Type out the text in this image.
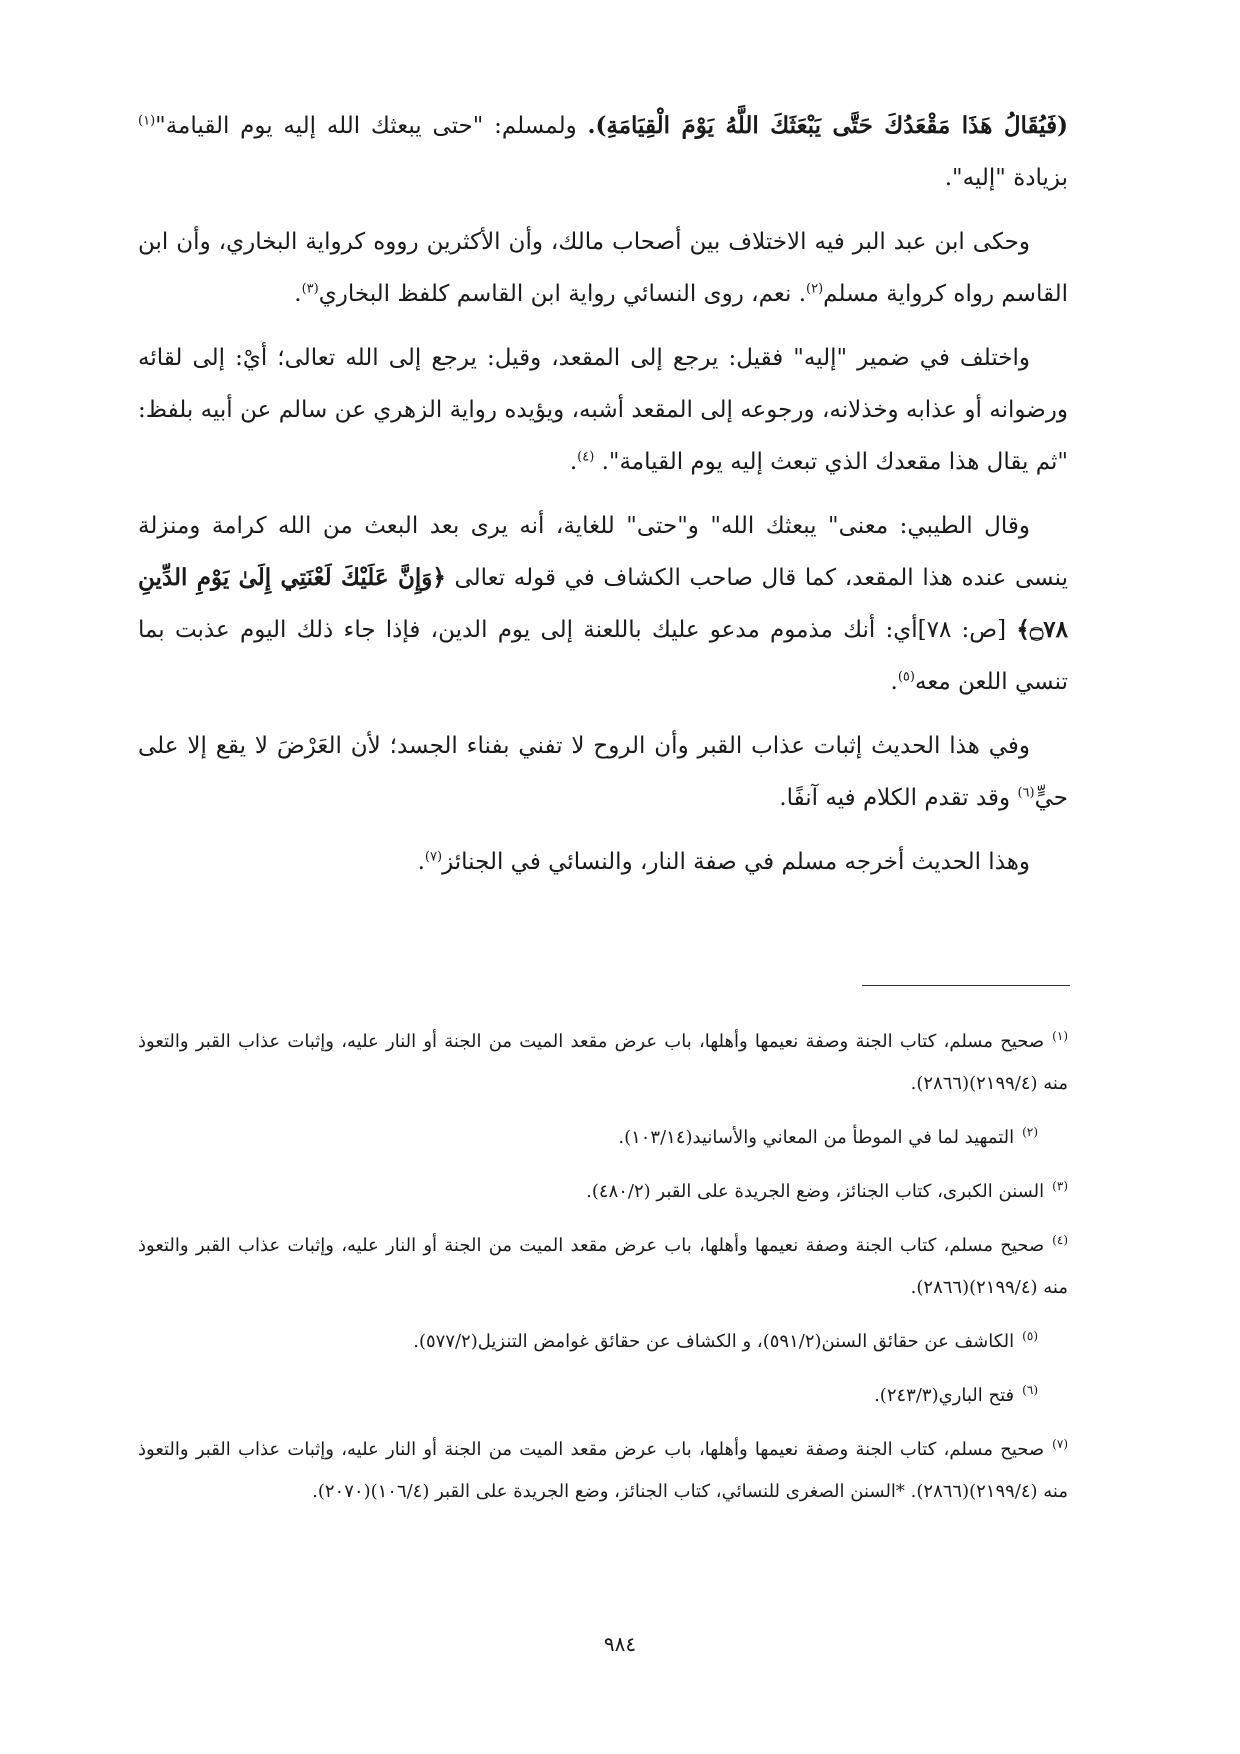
(فَيُقَالُ هَذَا مَقْعَدُكَ حَتَّى يَبْعَثَكَ اللَّهُ يَوْمَ الْقِيَامَةِ). ولمسلم: "حتى يبعثك الله إليه يوم القيامة"$^{(١)}$ بزيادة "إليه".

وحكى ابن عبد البر فيه الاختلاف بين أصحاب مالك، وأن الأكثرين رووه كرواية البخاري، وأن ابن القاسم رواه كرواية مسلم$^{(٢)}$. نعم، روى النسائي رواية ابن القاسم كلفظ البخاري$^{(٣)}$.

واختلف في ضمير "إليه" فقيل: يرجع إلى المقعد، وقيل: يرجع إلى الله تعالى؛ أيْ: إلى لقائه ورضوانه أو عذابه وخذلانه، ورجوعه إلى المقعد أشبه، ويؤيده رواية الزهري عن سالم عن أبيه بلفظ: "ثم يقال هذا مقعدك الذي تبعث إليه يوم القيامة". $^{(٤)}$.

وقال الطيبي: معنى" يبعثك الله" و"حتى" للغاية، أنه يرى بعد البعث من الله كرامة ومنزلة ينسى عنده هذا المقعد، كما قال صاحب الكشاف في قوله تعالى ﴿وَإِنَّ عَلَيْكَ لَعْنَتِي إِلَىٰ يَوْمِ الدِّينِ ۝٧٨﴾ [ص: ٧٨]أي: أنك مذموم مدعو عليك باللعنة إلى يوم الدين، فإذا جاء ذلك اليوم عذبت بما تنسي اللعن معه$^{(٥)}$.

وفي هذا الحديث إثبات عذاب القبر وأن الروح لا تفني بفناء الجسد؛ لأن العَرْضَ لا يقع إلا على حيٍّ$^{(٦)}$ وقد تقدم الكلام فيه آنفًا.

وهذا الحديث أخرجه مسلم في صفة النار، والنسائي في الجنائز$^{(٧)}$.

$^{(١)}$صحيح مسلم، كتاب الجنة وصفة نعيمها وأهلها، باب عرض مقعد الميت من الجنة أو النار عليه، وإثبات عذاب القبر والتعوذ منه (٢١٩٩/٤)(٢٨٦٦).

$^{(٢)}$التمهيد لما في الموطأ من المعاني والأسانيد(١٠٣/١٤).

$^{(٣)}$السنن الكبرى، كتاب الجنائز، وضع الجريدة على القبر (٤٨٠/٢).

$^{(٤)}$صحيح مسلم، كتاب الجنة وصفة نعيمها وأهلها، باب عرض مقعد الميت من الجنة أو النار عليه، وإثبات عذاب القبر والتعوذ منه (٢١٩٩/٤)(٢٨٦٦).

$^{(٥)}$الكاشف عن حقائق السنن(٥٩١/٢)، و الكشاف عن حقائق غوامض التنزيل(٥٧٧/٢).

$^{(٦)}$فتح الباري(٢٤٣/٣).

$^{(٧)}$صحيح مسلم، كتاب الجنة وصفة نعيمها وأهلها، باب عرض مقعد الميت من الجنة أو النار عليه، وإثبات عذاب القبر والتعوذ منه (٢١٩٩/٤)(٢٨٦٦). *السنن الصغرى للنسائي، كتاب الجنائز، وضع الجريدة على القبر (١٠٦/٤)(٢٠٧٠).

٩٨٤
